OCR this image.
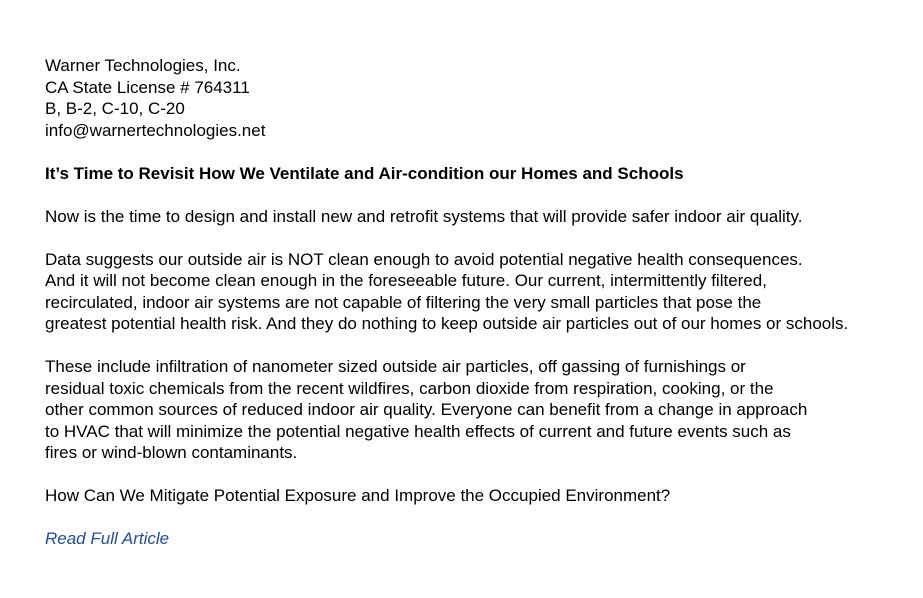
Warner Technologies, Inc.
CA State License # 764311
B, B-2, C-10, C-20
info@warnertechnologies.net
It’s Time to Revisit How We Ventilate and Air-condition our Homes and Schools
Now is the time to design and install new and retrofit systems that will provide safer indoor air quality.
Data suggests our outside air is NOT clean enough to avoid potential negative health consequences.
And it will not become clean enough in the foreseeable future. Our current, intermittently filtered,
recirculated, indoor air systems are not capable of filtering the very small particles that pose the
greatest potential health risk. And they do nothing to keep outside air particles out of our homes or schools.
These include infiltration of nanometer sized outside air particles, off gassing of furnishings or
residual toxic chemicals from the recent wildfires, carbon dioxide from respiration, cooking, or the
other common sources of reduced indoor air quality. Everyone can benefit from a change in approach
to HVAC that will minimize the potential negative health effects of current and future events such as
fires or wind-blown contaminants.
How Can We Mitigate Potential Exposure and Improve the Occupied Environment?
Read Full Article
